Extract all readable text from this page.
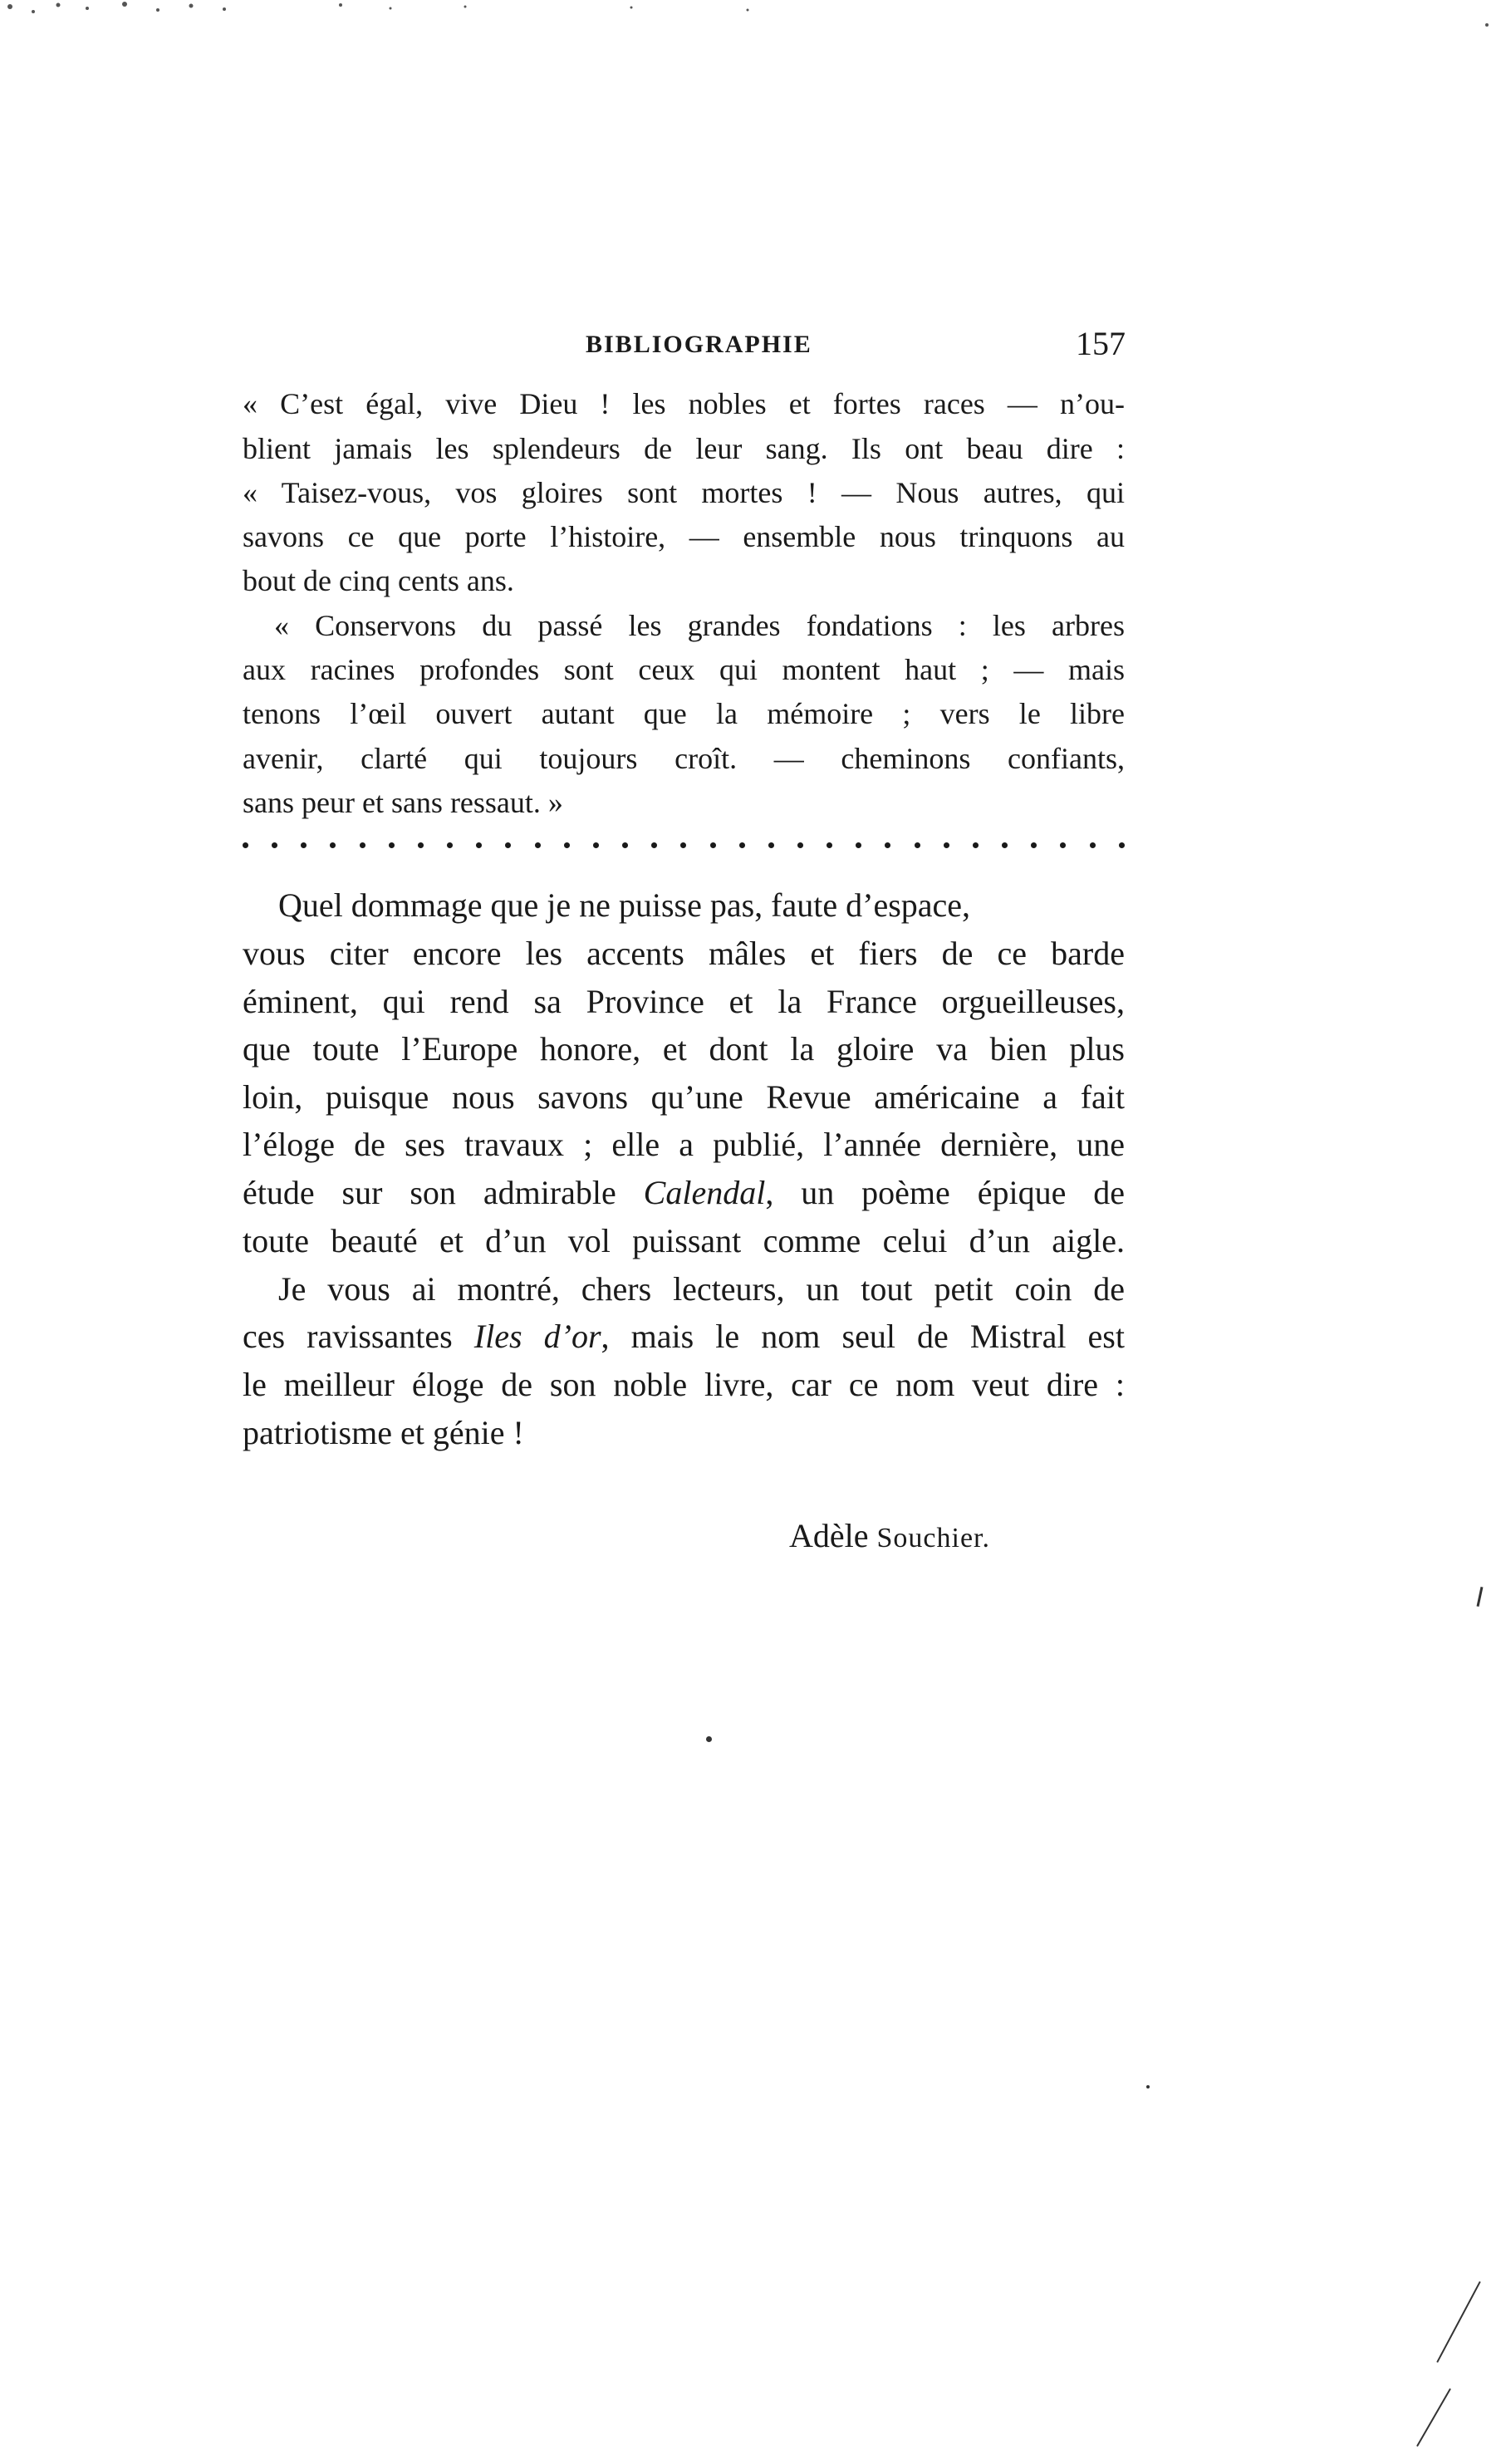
BIBLIOGRAPHIE	157
« C’est égal, vive Dieu ! les nobles et fortes races — n’ou-
blient jamais les splendeurs de leur sang. Ils ont beau dire :
« Taisez-vous, vos gloires sont mortes ! — Nous autres, qui
savons ce que porte l’histoire, — ensemble nous trinquons au
bout de cinq cents ans.
« Conservons du passé les grandes fondations : les arbres
aux racines profondes sont ceux qui montent haut ; — mais
tenons l’œil ouvert autant que la mémoire ; vers le libre
avenir, clarté qui toujours croît. — cheminons confiants,
sans peur et sans ressaut. »
Quel dommage que je ne puisse pas, faute d’espace,
vous citer encore les accents mâles et fiers de ce barde
éminent, qui rend sa Province et la France orgueilleuses,
que toute l’Europe honore, et dont la gloire va bien plus
loin, puisque nous savons qu’une Revue américaine a fait
l’éloge de ses travaux ; elle a publié, l’année dernière, une
étude sur son admirable Calendal, un poème épique de
toute beauté et d’un vol puissant comme celui d’un aigle.
Je vous ai montré, chers lecteurs, un tout petit coin de
ces ravissantes Iles d’or, mais le nom seul de Mistral est
le meilleur éloge de son noble livre, car ce nom veut dire :
patriotisme et génie !
Adèle Souchier.
